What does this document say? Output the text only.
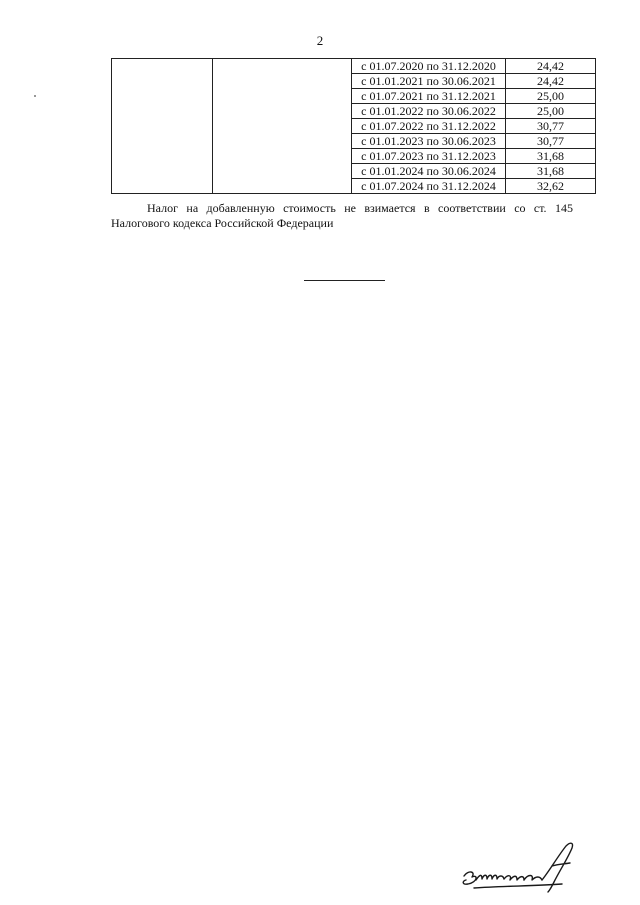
2
		с 01.07.2020 по 31.12.2020	24,42
		с 01.01.2021 по 30.06.2021	24,42
		с 01.07.2021 по 31.12.2021	25,00
		с 01.01.2022 по 30.06.2022	25,00
		с 01.07.2022 по 31.12.2022	30,77
		с 01.01.2023 по 30.06.2023	30,77
		с 01.07.2023 по 31.12.2023	31,68
		с 01.01.2024 по 30.06.2024	31,68
		с 01.07.2024 по 31.12.2024	32,62
Налог на добавленную стоимость не взимается в соответствии со ст. 145
Налогового кодекса Российской Федерации
